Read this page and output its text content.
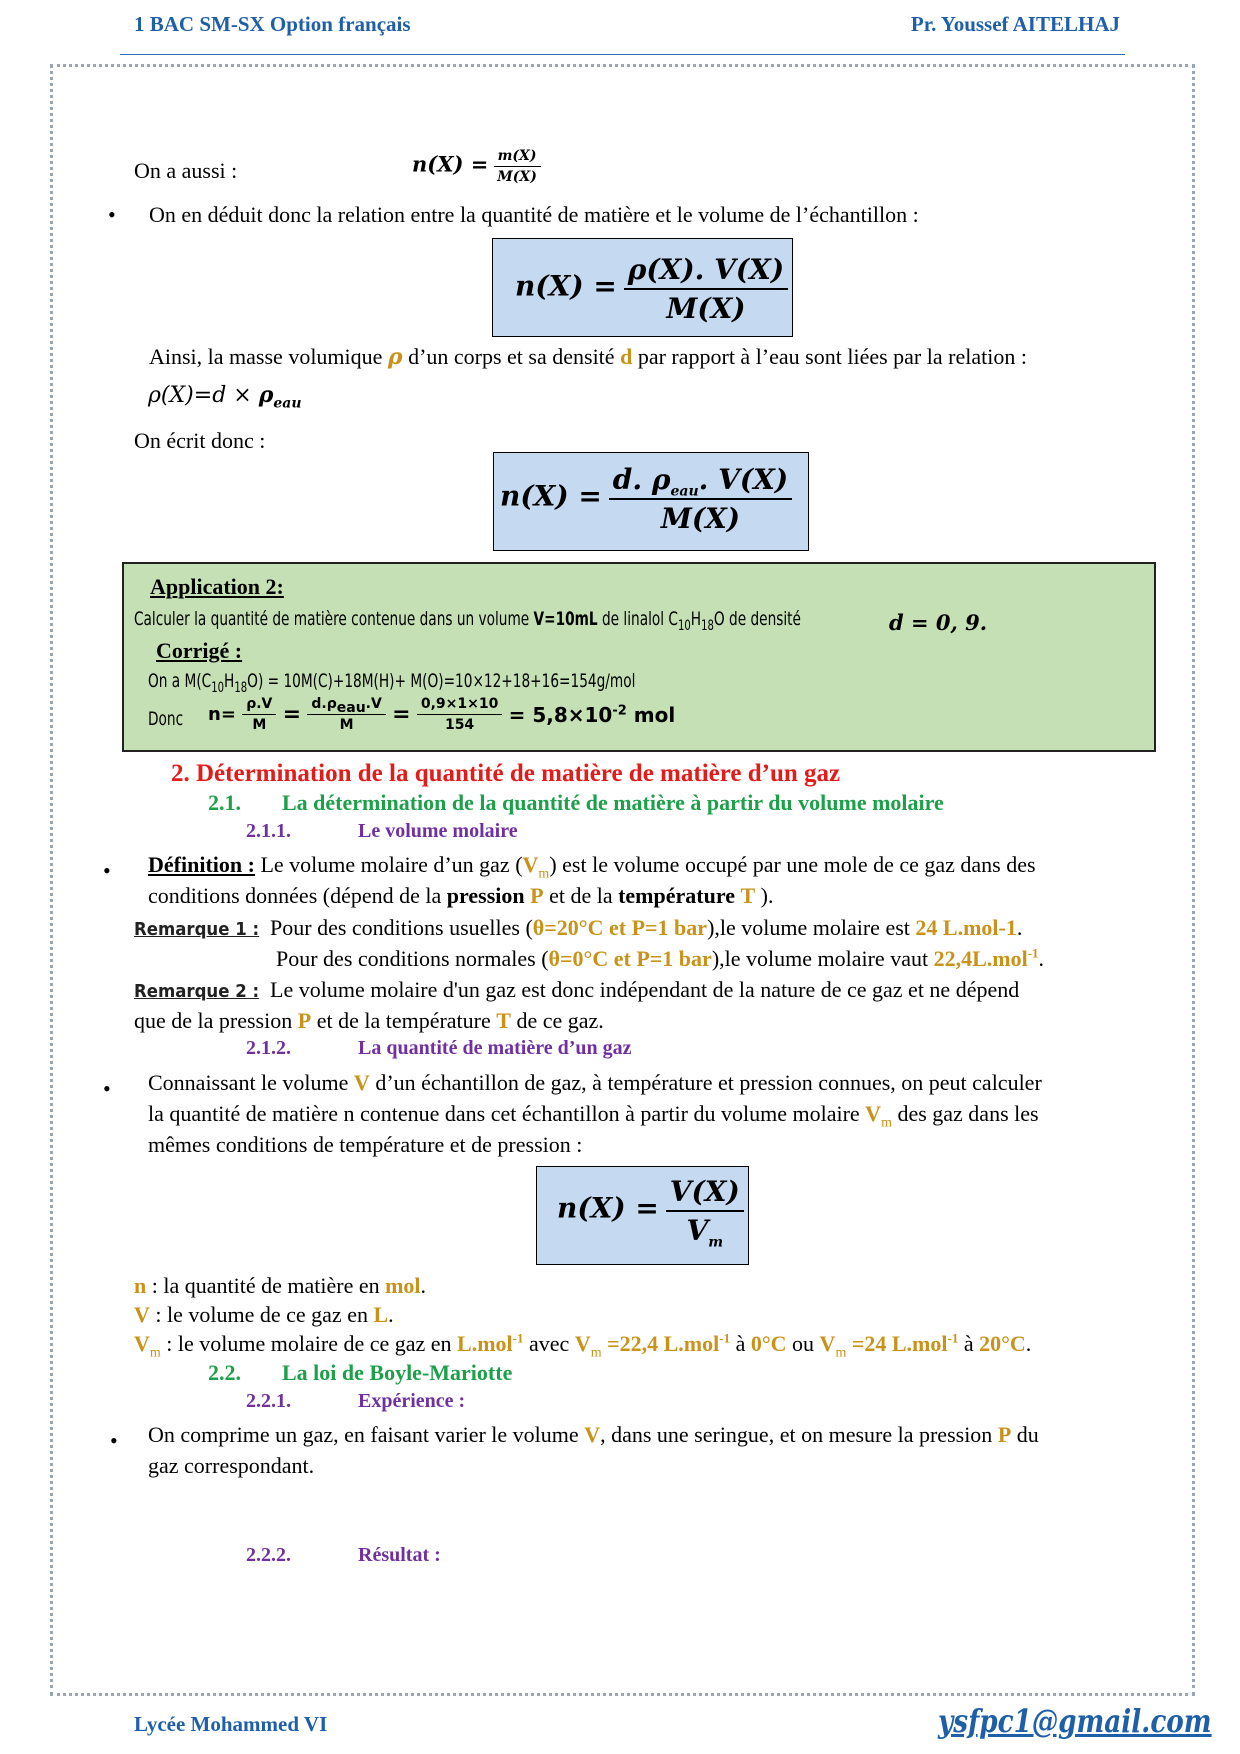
1 BAC SM-SX Option français	Pr. Youssef AITELHAJ
On a aussi :	$n(X) = \frac{m(X)}{M(X)}$
• On en déduit donc la relation entre la quantité de matière et le volume de l’échantillon :
$n(X) = \frac{\rho(X). V(X)}{M(X)}$
Ainsi, la masse volumique ρ d’un corps et sa densité d par rapport à l’eau sont liées par la relation :
$\rho(X)=d \times \rho_{eau}$
On écrit donc :
$n(X) = \frac{d. \rho_{eau}. V(X)}{M(X)}$
Application 2:
Calculer la quantité de matière contenue dans un volume V=10mL de linalol $C_{10}H_{18}O$ de densité	d = 0, 9.
Corrigé :
On a $M(C_{10}H_{18}O) = 10M(C)+18M(H)+ M(O)=10\times 12+18+16=154g/mol$
Donc $n= \frac{\rho.V}{M} = \frac{d.\rho_{eau}.V}{M} = \frac{0,9\times 1\times 10}{154} = 5,8\times 10^{-2}$ mol
2. Détermination de la quantité de matière de matière d’un gaz
2.1. La détermination de la quantité de matière à partir du volume molaire
2.1.1.	Le volume molaire
• Définition : Le volume molaire d’un gaz $(V_m)$ est le volume occupé par une mole de ce gaz dans des
conditions données (dépend de la pression P et de la température T ).
Remarque 1 : Pour des conditions usuelles (θ=20°C et P=1 bar),le volume molaire est 24 L.mol-1.
Pour des conditions normales (θ=0°C et P=1 bar),le volume molaire vaut 22,4L.mol$^{-1}$.
Remarque 2 : Le volume molaire d'un gaz est donc indépendant de la nature de ce gaz et ne dépend
que de la pression P et de la température T de ce gaz.
2.1.2.	La quantité de matière d’un gaz
• Connaissant le volume V d’un échantillon de gaz, à température et pression connues, on peut calculer
la quantité de matière n contenue dans cet échantillon à partir du volume molaire $V_m$ des gaz dans les
mêmes conditions de température et de pression :
$n(X) = \frac{V(X)}{V_m}$
n : la quantité de matière en mol.
V : le volume de ce gaz en L.
$V_m$ : le volume molaire de ce gaz en L.mol$^{-1}$ avec $V_m =22,4$ L.mol$^{-1}$ à 0°C ou $V_m =24$ L.mol$^{-1}$ à 20°C.
2.2. La loi de Boyle-Mariotte
2.2.1.	Expérience :
• On comprime un gaz, en faisant varier le volume V, dans une seringue, et on mesure la pression P du
gaz correspondant.
2.2.2.	Résultat :
Lycée Mohammed VI	ysfpc1@gmail.com
